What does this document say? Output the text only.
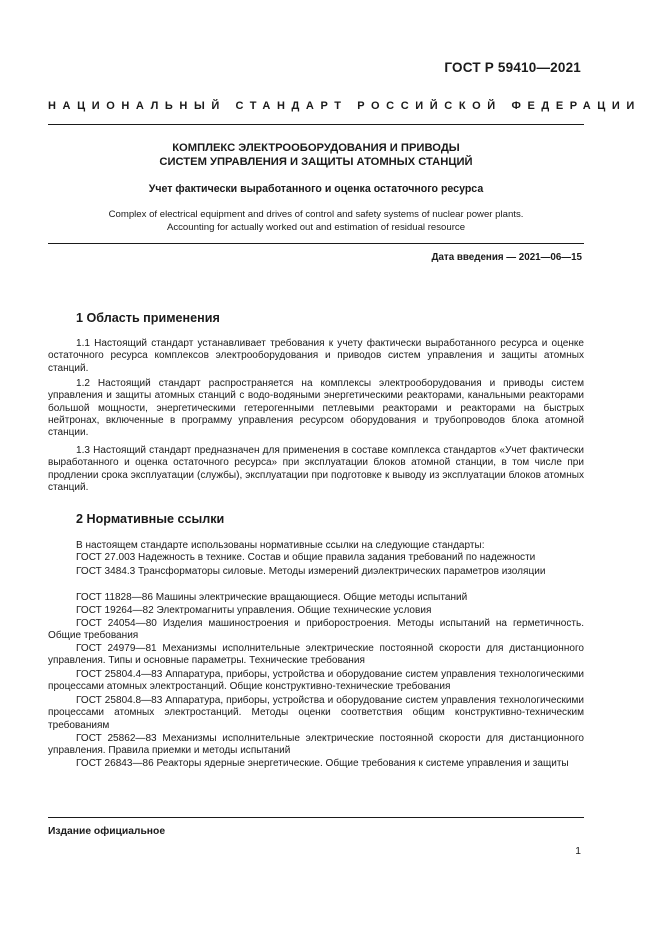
ГОСТ Р 59410—2021
НАЦИОНАЛЬНЫЙ СТАНДАРТ РОССИЙСКОЙ ФЕДЕРАЦИИ
КОМПЛЕКС ЭЛЕКТРООБОРУДОВАНИЯ И ПРИВОДЫ
СИСТЕМ УПРАВЛЕНИЯ И ЗАЩИТЫ АТОМНЫХ СТАНЦИЙ
Учет фактически выработанного и оценка остаточного ресурса
Complex of electrical equipment and drives of control and safety systems of nuclear power plants.
Accounting for actually worked out and estimation of residual resource
Дата введения — 2021—06—15
1 Область применения

1.1 Настоящий стандарт устанавливает требования к учету фактически выработанного ресурса и оценке остаточного ресурса комплексов электрооборудования и приводов систем управления и защиты атомных станций.

1.2 Настоящий стандарт распространяется на комплексы электрооборудования и приводы систем управления и защиты атомных станций с водо-водяными энергетическими реакторами, канальными реакторами большой мощности, энергетическими гетерогенными петлевыми реакторами и реакторами на быстрых нейтронах, включенные в программу управления ресурсом оборудования и трубопроводов блока атомной станции.

1.3 Настоящий стандарт предназначен для применения в составе комплекса стандартов «Учет фактически выработанного и оценка остаточного ресурса» при эксплуатации блоков атомной станции, в том числе при продлении срока эксплуатации (службы), эксплуатации при подготовке к выводу из эксплуатации блоков атомных станций.

2 Нормативные ссылки

В настоящем стандарте использованы нормативные ссылки на следующие стандарты:

ГОСТ 27.003 Надежность в технике. Состав и общие правила задания требований по надежности

ГОСТ 3484.3 Трансформаторы силовые. Методы измерений диэлектрических параметров изоляции

ГОСТ 11828—86 Машины электрические вращающиеся. Общие методы испытаний

ГОСТ 19264—82 Электромагниты управления. Общие технические условия

ГОСТ 24054—80 Изделия машиностроения и приборостроения. Методы испытаний на герметичность. Общие требования

ГОСТ 24979—81 Механизмы исполнительные электрические постоянной скорости для дистанционного управления. Типы и основные параметры. Технические требования

ГОСТ 25804.4—83 Аппаратура, приборы, устройства и оборудование систем управления технологическими процессами атомных электростанций. Общие конструктивно-технические требования

ГОСТ 25804.8—83 Аппаратура, приборы, устройства и оборудование систем управления технологическими процессами атомных электростанций. Методы оценки соответствия общим конструктивно-техническим требованиям

ГОСТ 25862—83 Механизмы исполнительные электрические постоянной скорости для дистанционного управления. Правила приемки и методы испытаний

ГОСТ 26843—86 Реакторы ядерные энергетические. Общие требования к системе управления и защиты

Издание официальное
1
